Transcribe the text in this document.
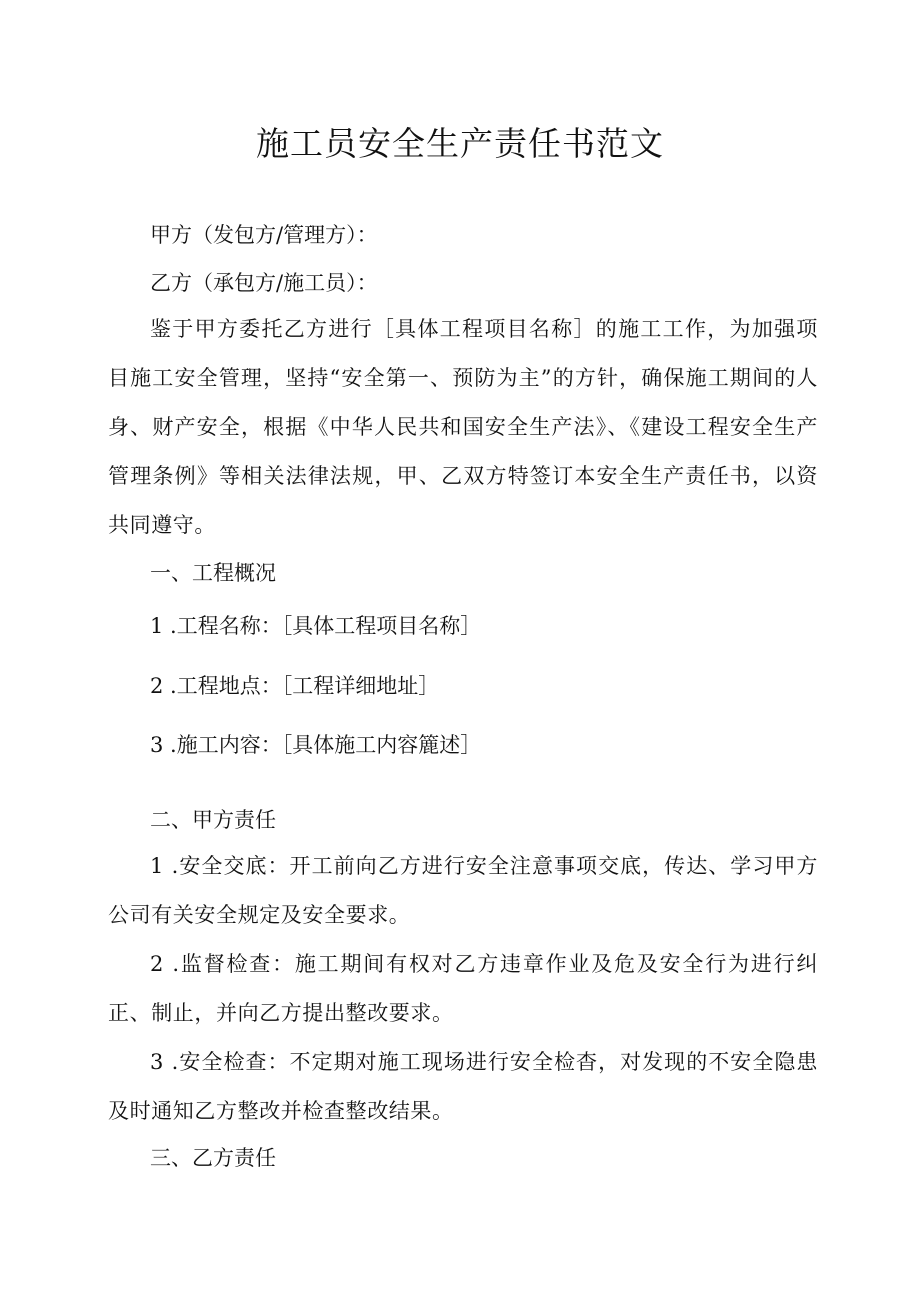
施工员安全生产责任书范文

甲方（发包方/管理方）：

乙方（承包方/施工员）：

鉴于甲方委托乙方进行［具体工程项目名称］的施工工作，为加强项目施工安全管理，坚持“安全第一、预防为主”的方针，确保施工期间的人身、财产安全，根据《中华人民共和国安全生产法》、《建设工程安全生产管理条例》等相关法律法规，甲、乙双方特签订本安全生产责任书，以资共同遵守。

一、工程概况

1 .工程名称：［具体工程项目名称］

2 .工程地点：［工程详细地址］

3 .施工内容：［具体施工内容簏述］

二、甲方责任

1 .安全交底：开工前向乙方进行安全注意事项交底，传达、学习甲方公司有关安全规定及安全要求。

2 .监督检查：施工期间有权对乙方违章作业及危及安全行为进行纠正、制止，并向乙方提出整改要求。

3 .安全检查：不定期对施工现场进行安全检杳，对发现的不安全隐患及时通知乙方整改并检查整改结果。

三、乙方责任
